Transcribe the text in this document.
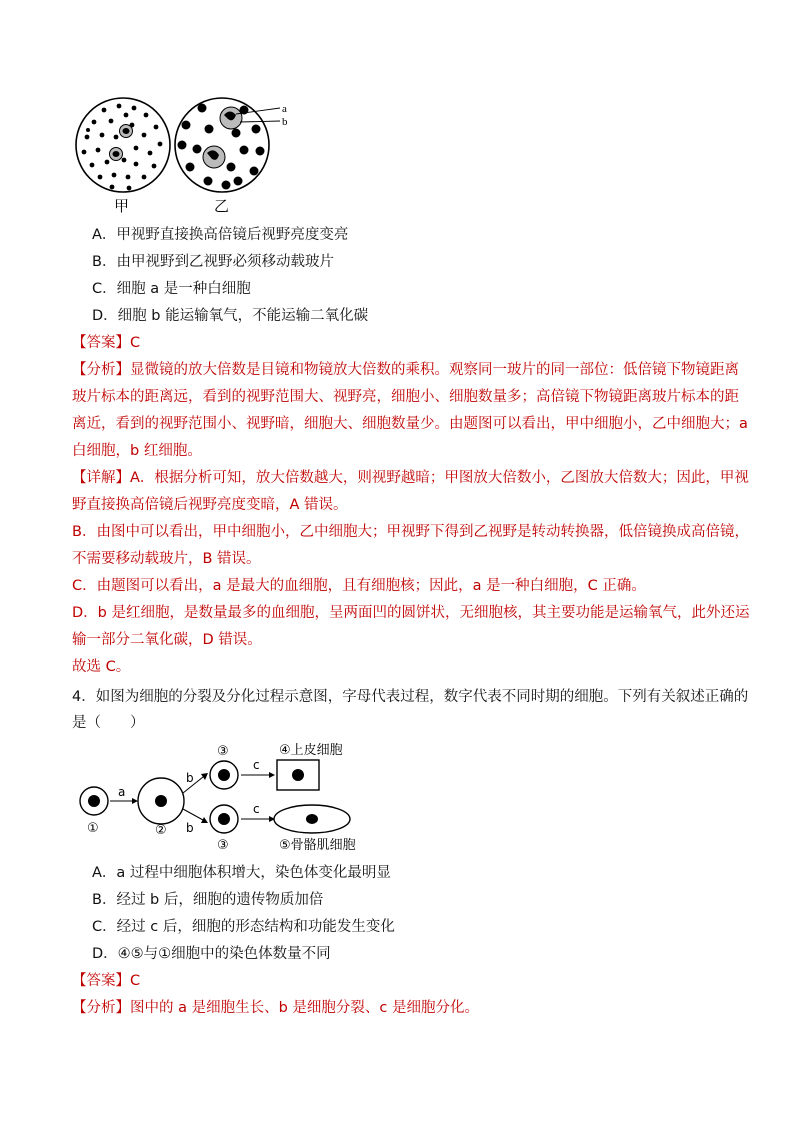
a
b
甲	乙
A．甲视野直接换高倍镜后视野亮度变亮
B．由甲视野到乙视野必须移动载玻片
C．细胞 a 是一种白细胞
D．细胞 b 能运输氧气，不能运输二氧化碳
【答案】C
【分析】显微镜的放大倍数是目镜和物镜放大倍数的乘积。观察同一玻片的同一部位：低倍镜下物镜距离
玻片标本的距离远，看到的视野范围大、视野亮，细胞小、细胞数量多；高倍镜下物镜距离玻片标本的距
离近，看到的视野范围小、视野暗，细胞大、细胞数量少。由题图可以看出，甲中细胞小，乙中细胞大；a
白细胞，b 红细胞。
【详解】A．根据分析可知，放大倍数越大，则视野越暗；甲图放大倍数小，乙图放大倍数大；因此，甲视
野直接换高倍镜后视野亮度变暗，A 错误。
B．由图中可以看出，甲中细胞小，乙中细胞大；甲视野下得到乙视野是转动转换器，低倍镜换成高倍镜，
不需要移动载玻片，B 错误。
C．由题图可以看出，a 是最大的血细胞，且有细胞核；因此，a 是一种白细胞，C 正确。
D．b 是红细胞，是数量最多的血细胞，呈两面凹的圆饼状，无细胞核，其主要功能是运输氧气，此外还运
输一部分二氧化碳，D 错误。
故选 C。
4．如图为细胞的分裂及分化过程示意图，字母代表过程，数字代表不同时期的细胞。下列有关叙述正确的
是（　　）
①
a
②
b
b
③
③
c
c
④上皮细胞
⑤骨骼肌细胞
A．a 过程中细胞体积增大，染色体变化最明显
B．经过 b 后，细胞的遗传物质加倍
C．经过 c 后，细胞的形态结构和功能发生变化
D．④⑤与①细胞中的染色体数量不同
【答案】C
【分析】图中的 a 是细胞生长、b 是细胞分裂、c 是细胞分化。
